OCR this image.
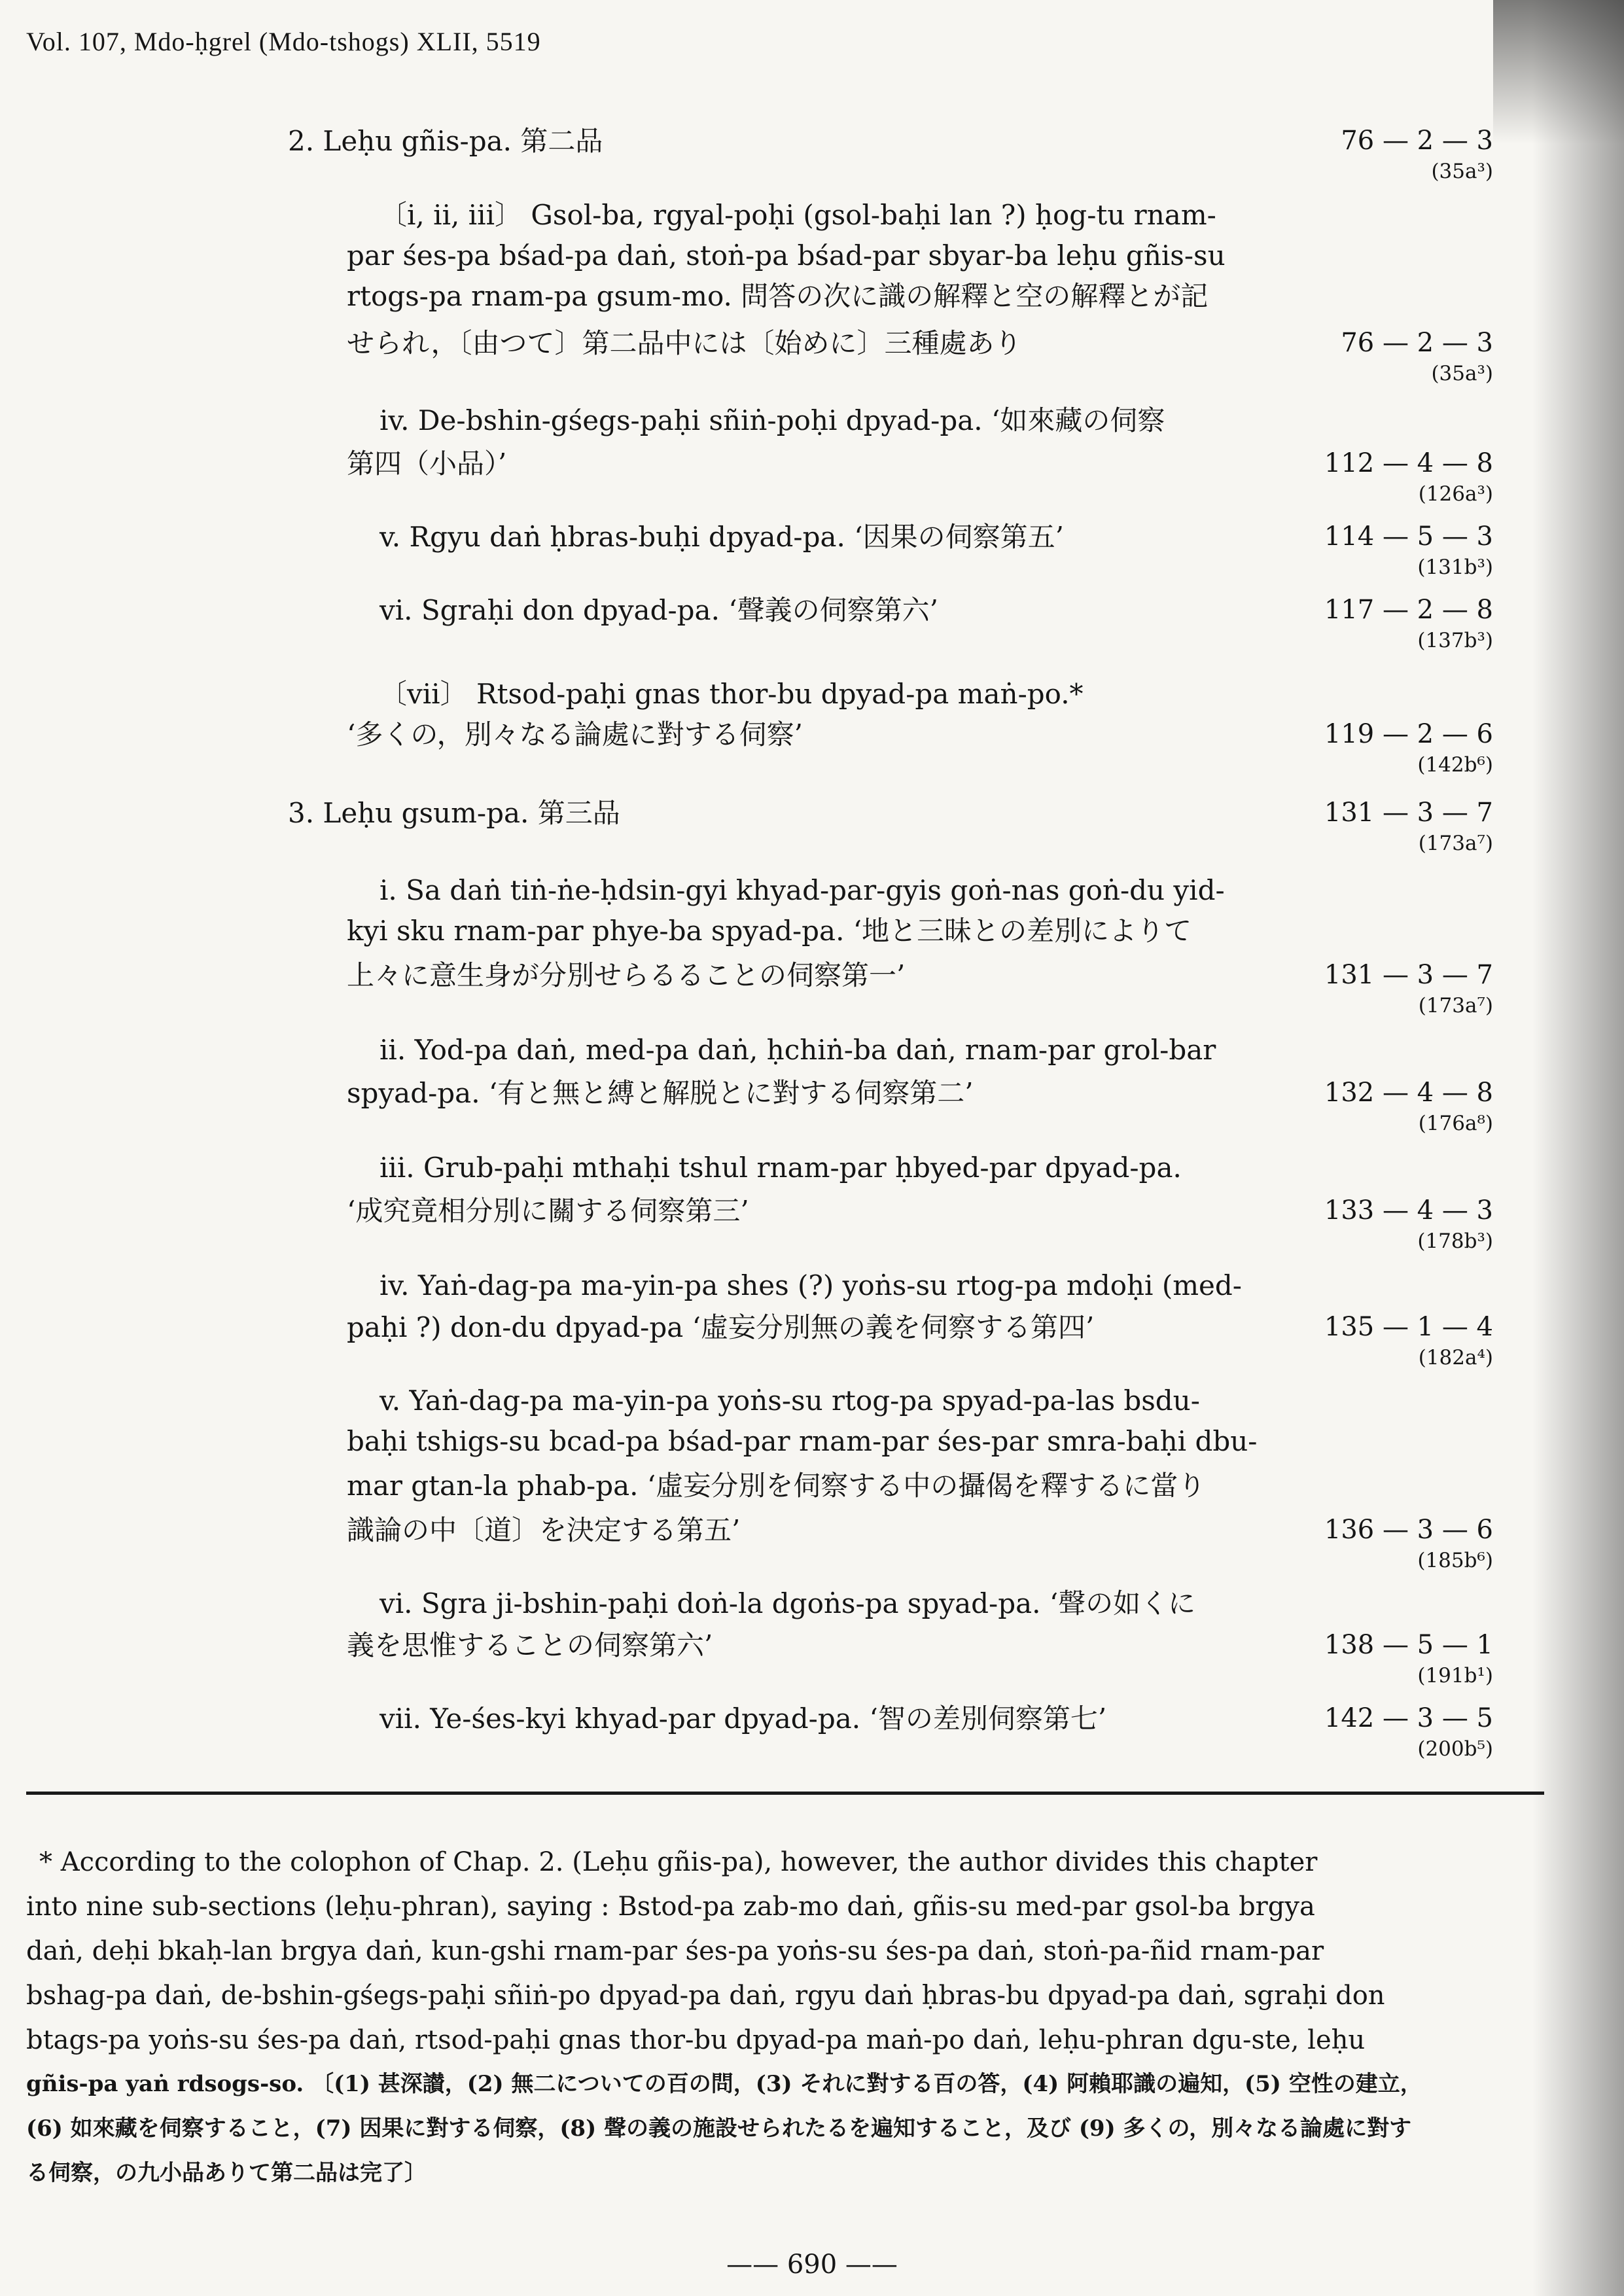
Vol. 107, Mdo-ḥgrel (Mdo-tshogs) XLII, 5519
2. Leḥu gñis-pa. 第二品	76 — 2 — 3
(35a³)
〔i, ii, iii〕 Gsol-ba, rgyal-poḥi (gsol-baḥi lan ?) ḥog-tu rnam-
par śes-pa bśad-pa daṅ, stoṅ-pa bśad-par sbyar-ba leḥu gñis-su
rtogs-pa rnam-pa gsum-mo. 問答の次に識の解釋と空の解釋とが記
せられ，〔由つて〕第二品中には〔始めに〕三種處あり	76 — 2 — 3
(35a³)
iv. De-bshin-gśegs-paḥi sñiṅ-poḥi dpyad-pa. ‘如來藏の伺察
第四（小品）’	112 — 4 — 8
(126a³)
v. Rgyu daṅ ḥbras-buḥi dpyad-pa. ‘因果の伺察第五’	114 — 5 — 3
(131b³)
vi. Sgraḥi don dpyad-pa. ‘聲義の伺察第六’	117 — 2 — 8
(137b³)
〔vii〕 Rtsod-paḥi gnas thor-bu dpyad-pa maṅ-po.*
‘多くの，別々なる論處に對する伺察’	119 — 2 — 6
(142b⁶)
3. Leḥu gsum-pa. 第三品	131 — 3 — 7
(173a⁷)
i. Sa daṅ tiṅ-ṅe-ḥdsin-gyi khyad-par-gyis goṅ-nas goṅ-du yid-
kyi sku rnam-par phye-ba spyad-pa. ‘地と三昧との差別によりて
上々に意生身が分別せらるることの伺察第一’	131 — 3 — 7
(173a⁷)
ii. Yod-pa daṅ, med-pa daṅ, ḥchiṅ-ba daṅ, rnam-par grol-bar
spyad-pa. ‘有と無と縛と解脱とに對する伺察第二’	132 — 4 — 8
(176a⁸)
iii. Grub-paḥi mthaḥi tshul rnam-par ḥbyed-par dpyad-pa.
‘成究竟相分別に關する伺察第三’	133 — 4 — 3
(178b³)
iv. Yaṅ-dag-pa ma-yin-pa shes (?) yoṅs-su rtog-pa mdoḥi (med-
paḥi ?) don-du dpyad-pa ‘虛妄分別無の義を伺察する第四’	135 — 1 — 4
(182a⁴)
v. Yaṅ-dag-pa ma-yin-pa yoṅs-su rtog-pa spyad-pa-las bsdu-
baḥi tshigs-su bcad-pa bśad-par rnam-par śes-par smra-baḥi dbu-
mar gtan-la phab-pa. ‘虛妄分別を伺察する中の攝偈を釋するに當り
識論の中〔道〕を決定する第五’	136 — 3 — 6
(185b⁶)
vi. Sgra ji-bshin-paḥi doṅ-la dgoṅs-pa spyad-pa. ‘聲の如くに
義を思惟することの伺察第六’	138 — 5 — 1
(191b¹)
vii. Ye-śes-kyi khyad-par dpyad-pa. ‘智の差別伺察第七’	142 — 3 — 5
(200b⁵)
* According to the colophon of Chap. 2. (Leḥu gñis-pa), however, the author divides this chapter
into nine sub-sections (leḥu-phran), saying : Bstod-pa zab-mo daṅ, gñis-su med-par gsol-ba brgya
daṅ, deḥi bkaḥ-lan brgya daṅ, kun-gshi rnam-par śes-pa yoṅs-su śes-pa daṅ, stoṅ-pa-ñid rnam-par
bshag-pa daṅ, de-bshin-gśegs-paḥi sñiṅ-po dpyad-pa daṅ, rgyu daṅ ḥbras-bu dpyad-pa daṅ, sgraḥi don
btags-pa yoṅs-su śes-pa daṅ, rtsod-paḥi gnas thor-bu dpyad-pa maṅ-po daṅ, leḥu-phran dgu-ste, leḥu
gñis-pa yaṅ rdsogs-so. 〔(1) 甚深讃，(2) 無二についての百の問，(3) それに對する百の答，(4) 阿賴耶識の遍知，(5) 空性の建立，
(6) 如來藏を伺察すること，(7) 因果に對する伺察，(8) 聲の義の施設せられたるを遍知すること，及び (9) 多くの，別々なる論處に對す
る伺察，の九小品ありて第二品は完了〕
—— 690 ——
